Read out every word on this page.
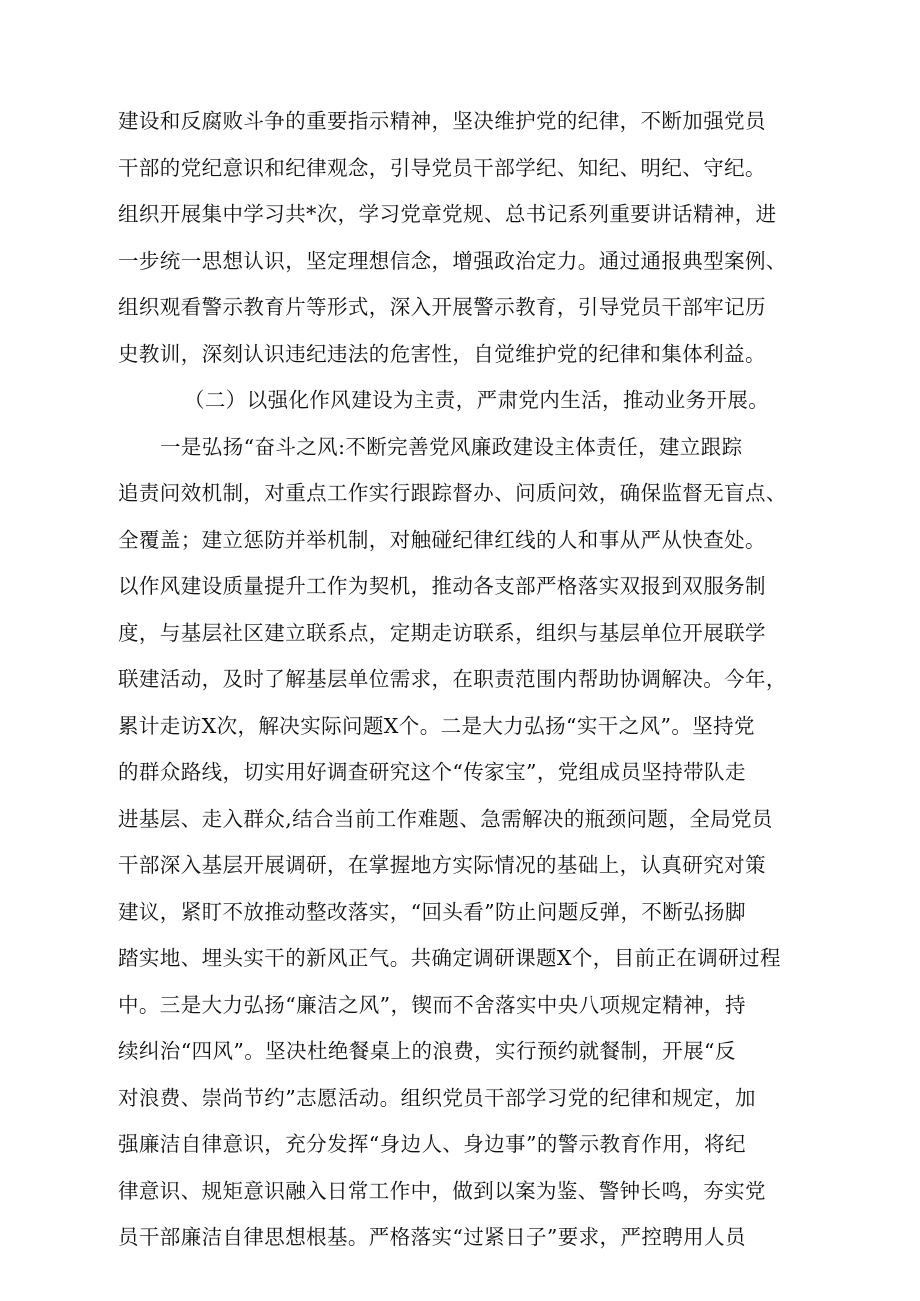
建设和反腐败斗争的重要指示精神，坚决维护党的纪律，不断加强党员
干部的党纪意识和纪律观念，引导党员干部学纪、知纪、明纪、守纪。
组织开展集中学习共*次，学习党章党规、总书记系列重要讲话精神，进
一步统一思想认识，坚定理想信念，增强政治定力。通过通报典型案例、
组织观看警示教育片等形式，深入开展警示教育，引导党员干部牢记历
史教训，深刻认识违纪违法的危害性，自觉维护党的纪律和集体利益。
（二）以强化作风建设为主责，严肃党内生活，推动业务开展。
一是弘扬“奋斗之风:不断完善党风廉政建设主体责任，建立跟踪
追责问效机制，对重点工作实行跟踪督办、问质问效，确保监督无盲点、
全覆盖；建立惩防并举机制，对触碰纪律红线的人和事从严从快查处。
以作风建设质量提升工作为契机，推动各支部严格落实双报到双服务制
度，与基层社区建立联系点，定期走访联系，组织与基层单位开展联学
联建活动，及时了解基层单位需求，在职责范围内帮助协调解决。今年，
累计走访X次，解决实际问题X个。二是大力弘扬“实干之风”。坚持党
的群众路线，切实用好调查研究这个“传家宝”，党组成员坚持带队走
进基层、走入群众,结合当前工作难题、急需解决的瓶颈问题，全局党员
干部深入基层开展调研，在掌握地方实际情况的基础上，认真研究对策
建议，紧盯不放推动整改落实，“回头看”防止问题反弹，不断弘扬脚
踏实地、埋头实干的新风正气。共确定调研课题X个，目前正在调研过程
中。三是大力弘扬“廉洁之风”，锲而不舍落实中央八项规定精神，持
续纠治“四风”。坚决杜绝餐桌上的浪费，实行预约就餐制，开展“反
对浪费、崇尚节约”志愿活动。组织党员干部学习党的纪律和规定，加
强廉洁自律意识，充分发挥“身边人、身边事”的警示教育作用，将纪
律意识、规矩意识融入日常工作中，做到以案为鉴、警钟长鸣，夯实党
员干部廉洁自律思想根基。严格落实“过紧日子”要求，严控聘用人员
